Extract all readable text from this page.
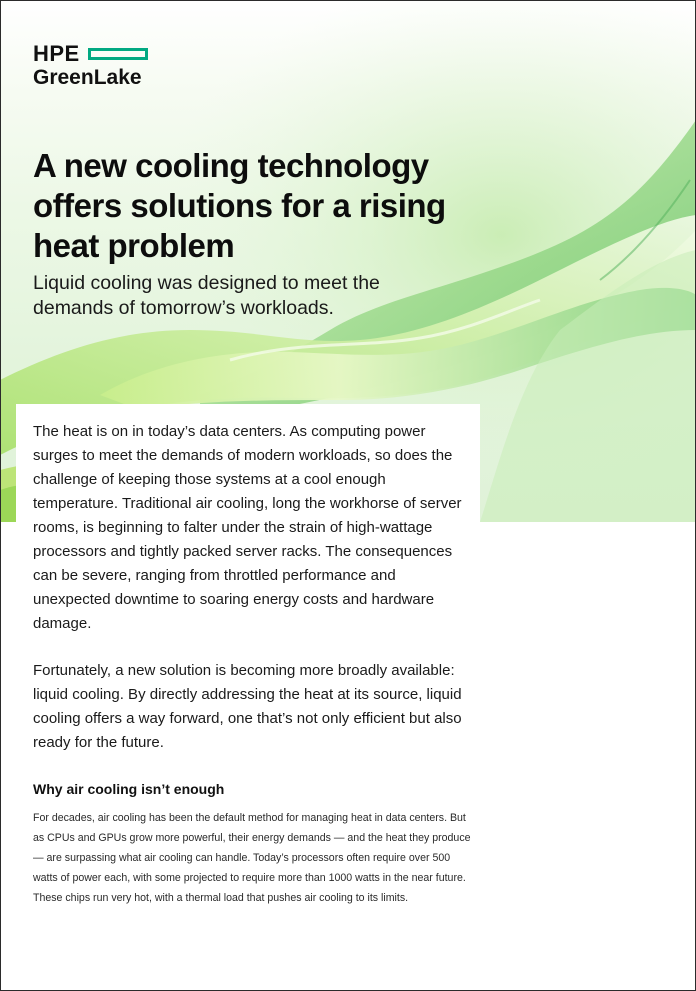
HPE
GreenLake
A new cooling technology offers solutions for a rising heat problem

Liquid cooling was designed to meet the demands of tomorrow’s workloads.

The heat is on in today’s data centers. As computing power surges to meet the demands of modern workloads, so does the challenge of keeping those systems at a cool enough temperature. Traditional air cooling, long the workhorse of server rooms, is beginning to falter under the strain of high-wattage processors and tightly packed server racks. The consequences can be severe, ranging from throttled performance and unexpected downtime to soaring energy costs and hardware damage.

Fortunately, a new solution is becoming more broadly available: liquid cooling. By directly addressing the heat at its source, liquid cooling offers a way forward, one that’s not only efficient but also ready for the future.

Why air cooling isn’t enough

For decades, air cooling has been the default method for managing heat in data centers. But as CPUs and GPUs grow more powerful, their energy demands — and the heat they produce — are surpassing what air cooling can handle. Today’s processors often require over 500 watts of power each, with some projected to require more than 1000 watts in the near future. These chips run very hot, with a thermal load that pushes air cooling to its limits.
